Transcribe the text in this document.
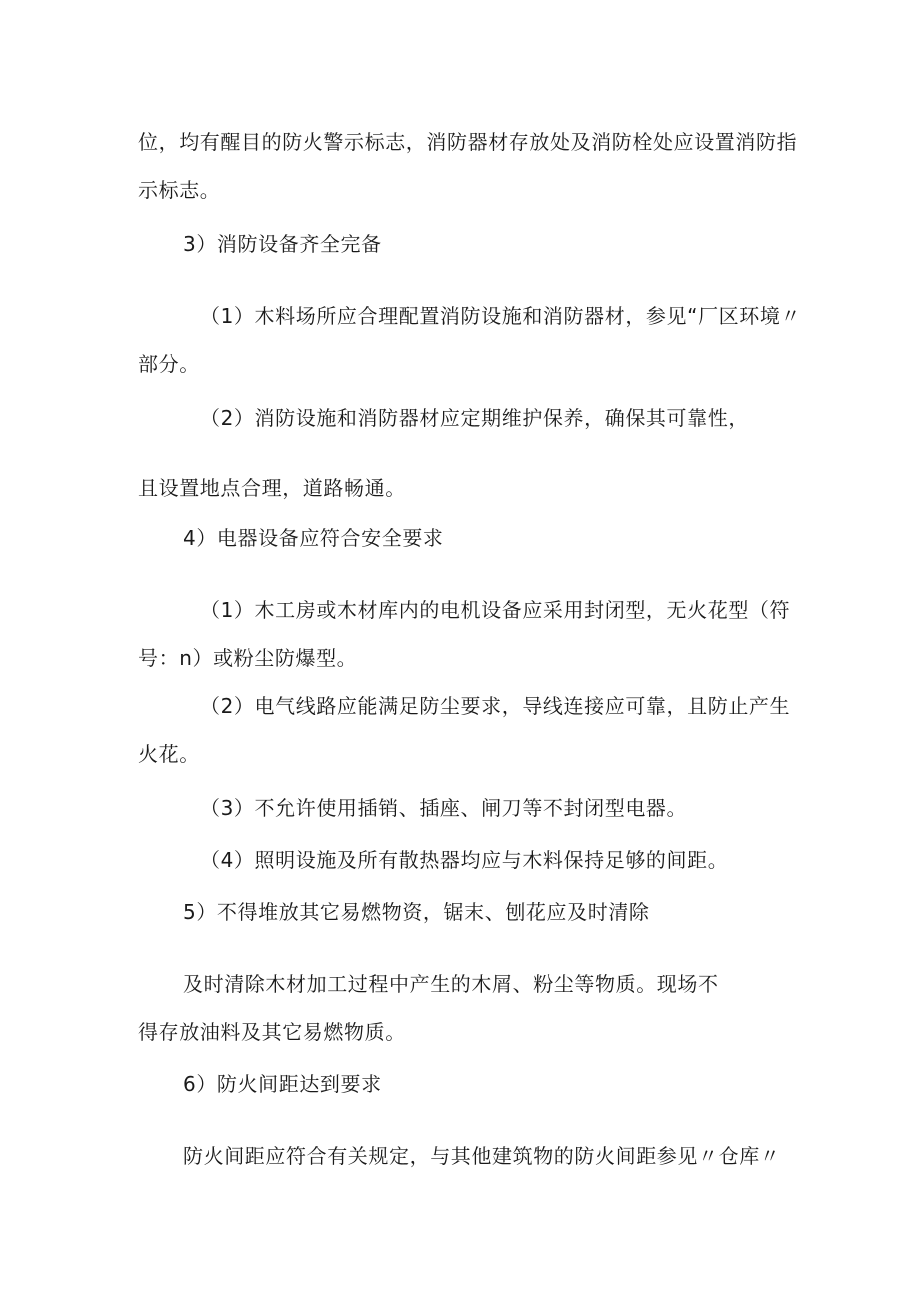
位，均有醒目的防火警示标志，消防器材存放处及消防栓处应设置消防指

示标志。

3）消防设备齐全完备

（1）木料场所应合理配置消防设施和消防器材，参见“厂区环境〃

部分。

（2）消防设施和消防器材应定期维护保养，确保其可靠性，

且设置地点合理，道路畅通。

4）电器设备应符合安全要求

（1）木工房或木材库内的电机设备应采用封闭型，无火花型（符

号：n）或粉尘防爆型。

（2）电气线路应能满足防尘要求，导线连接应可靠，且防止产生

火花。

（3）不允许使用插销、插座、闸刀等不封闭型电器。

（4）照明设施及所有散热器均应与木料保持足够的间距。

5）不得堆放其它易燃物资，锯末、刨花应及时清除

及时清除木材加工过程中产生的木屑、粉尘等物质。现场不

得存放油料及其它易燃物质。

6）防火间距达到要求

防火间距应符合有关规定，与其他建筑物的防火间距参见〃仓库〃
